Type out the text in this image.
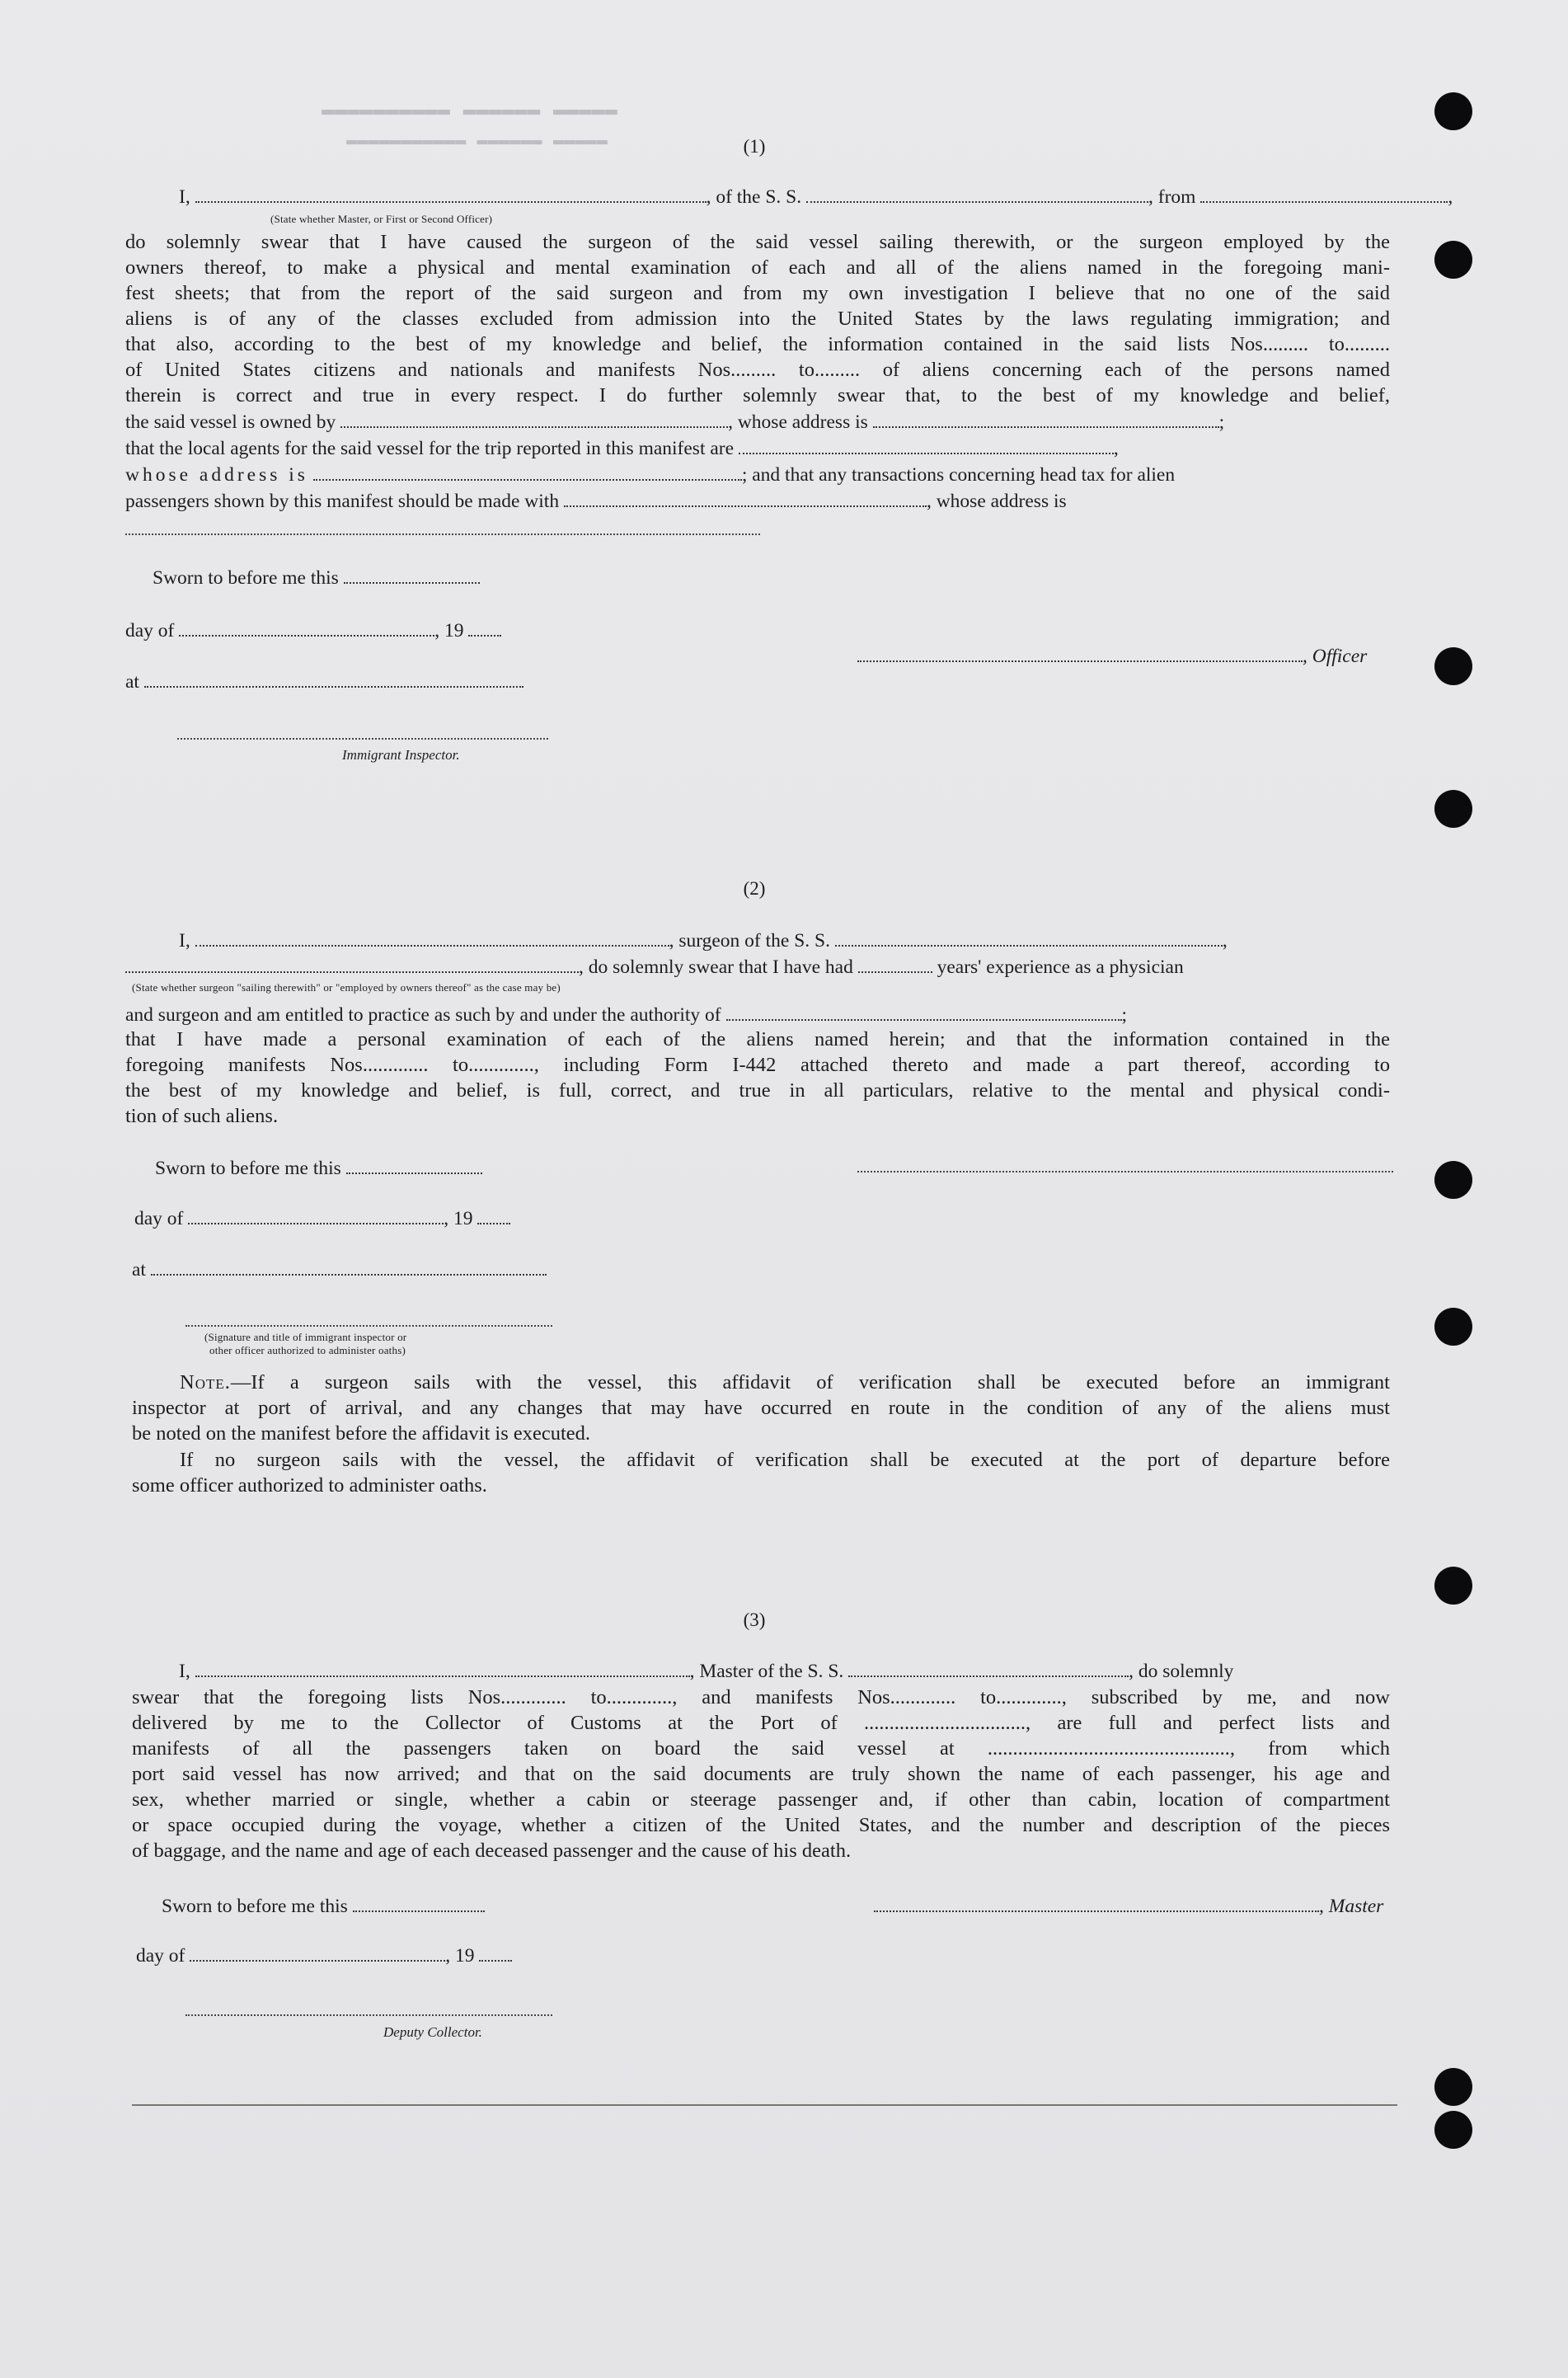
▬▬▬▬▬ ▬▬▬▬▬▬ ▬▬▬▬▬▬▬▬▬▬
▬▬▬▬▬ ▬▬▬▬▬▬ ▬▬▬▬▬▬▬▬▬▬▬	(1)
I,	, of the S. S.	, from	,
(State whether Master, or First or Second Officer)
do solemnly swear that I have caused the surgeon of the said vessel sailing therewith, or the surgeon employed by the
owners thereof, to make a physical and mental examination of each and all of the aliens named in the foregoing mani-
fest sheets; that from the report of the said surgeon and from my own investigation I believe that no one of the said
aliens is of any of the classes excluded from admission into the United States by the laws regulating immigration; and
that also, according to the best of my knowledge and belief, the information contained in the said lists Nos......... to.........
of United States citizens and nationals and manifests Nos......... to......... of aliens concerning each of the persons named
therein is correct and true in every respect. I do further solemnly swear that, to the best of my knowledge and belief,
the said vessel is owned by	, whose address is	;
that the local agents for the said vessel for the trip reported in this manifest are	,
whose address is	; and that any transactions concerning head tax for alien
passengers shown by this manifest should be made with	, whose address is
Sworn to before me this
day of	, 19
, Officer
at
Immigrant Inspector.
(2)
I,	, surgeon of the S. S.	,
, do solemnly swear that I have had	years' experience as a physician
(State whether surgeon "sailing therewith" or "employed by owners thereof" as the case may be)
and surgeon and am entitled to practice as such by and under the authority of	;
that I have made a personal examination of each of the aliens named herein; and that the information contained in the
foregoing manifests Nos............. to............., including Form I-442 attached thereto and made a part thereof, according to
the best of my knowledge and belief, is full, correct, and true in all particulars, relative to the mental and physical condi-
tion of such aliens.
Sworn to before me this
day of	, 19
at
(Signature and title of immigrant inspector or
other officer authorized to administer oaths)
Note.—If a surgeon sails with the vessel, this affidavit of verification shall be executed before an immigrant
inspector at port of arrival, and any changes that may have occurred en route in the condition of any of the aliens must
be noted on the manifest before the affidavit is executed.
If no surgeon sails with the vessel, the affidavit of verification shall be executed at the port of departure before
some officer authorized to administer oaths.
(3)
I,	, Master of the S. S.	, do solemnly
swear that the foregoing lists Nos............. to............., and manifests Nos............. to............., subscribed by me, and now
delivered by me to the Collector of Customs at the Port of ................................, are full and perfect lists and
manifests of all the passengers taken on board the said vessel at ................................................, from which
port said vessel has now arrived; and that on the said documents are truly shown the name of each passenger, his age and
sex, whether married or single, whether a cabin or steerage passenger and, if other than cabin, location of compartment
or space occupied during the voyage, whether a citizen of the United States, and the number and description of the pieces
of baggage, and the name and age of each deceased passenger and the cause of his death.
Sworn to before me this	, Master
day of	, 19
Deputy Collector.
